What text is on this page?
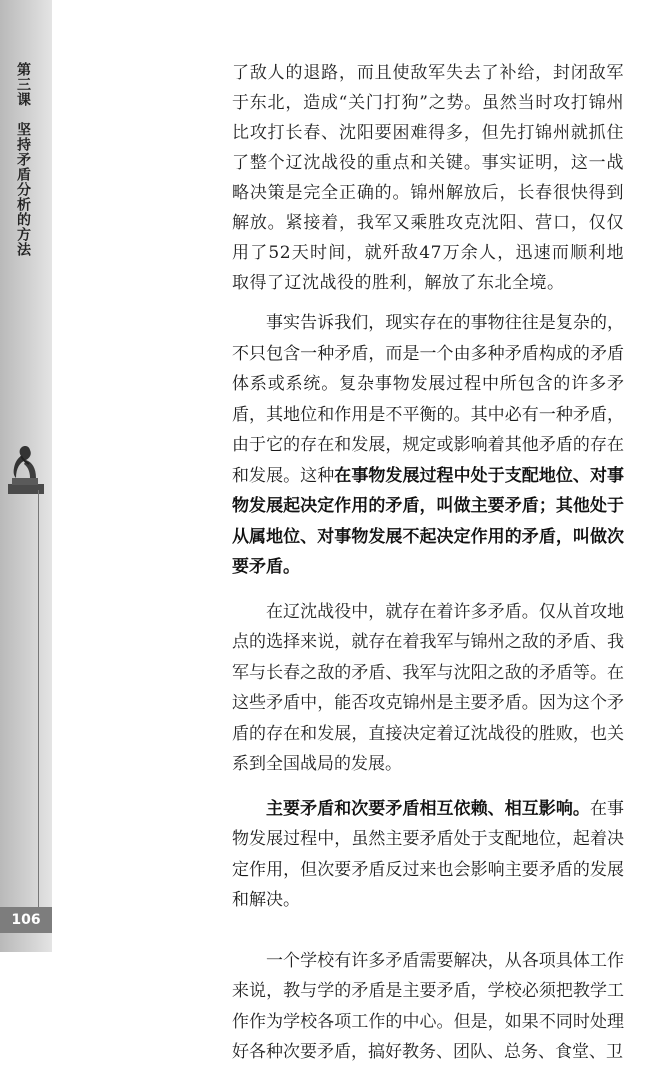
第三课　坚持矛盾分析的方法
106

了敌人的退路，而且使敌军失去了补给，封闭敌军于东北，造成“关门打狗”之势。虽然当时攻打锦州比攻打长春、沈阳要困难得多，但先打锦州就抓住了整个辽沈战役的重点和关键。事实证明，这一战略决策是完全正确的。锦州解放后，长春很快得到解放。紧接着，我军又乘胜攻克沈阳、营口，仅仅用了52天时间，就歼敌47万余人，迅速而顺利地取得了辽沈战役的胜利，解放了东北全境。

事实告诉我们，现实存在的事物往往是复杂的，不只包含一种矛盾，而是一个由多种矛盾构成的矛盾体系或系统。复杂事物发展过程中所包含的许多矛盾，其地位和作用是不平衡的。其中必有一种矛盾，由于它的存在和发展，规定或影响着其他矛盾的存在和发展。这种在事物发展过程中处于支配地位、对事物发展起决定作用的矛盾，叫做主要矛盾；其他处于从属地位、对事物发展不起决定作用的矛盾，叫做次要矛盾。

在辽沈战役中，就存在着许多矛盾。仅从首攻地点的选择来说，就存在着我军与锦州之敌的矛盾、我军与长春之敌的矛盾、我军与沈阳之敌的矛盾等。在这些矛盾中，能否攻克锦州是主要矛盾。因为这个矛盾的存在和发展，直接决定着辽沈战役的胜败，也关系到全国战局的发展。

主要矛盾和次要矛盾相互依赖、相互影响。在事物发展过程中，虽然主要矛盾处于支配地位，起着决定作用，但次要矛盾反过来也会影响主要矛盾的发展和解决。

一个学校有许多矛盾需要解决，从各项具体工作来说，教与学的矛盾是主要矛盾，学校必须把教学工作作为学校各项工作的中心。但是，如果不同时处理好各种次要矛盾，搞好教务、团队、总务、食堂、卫
